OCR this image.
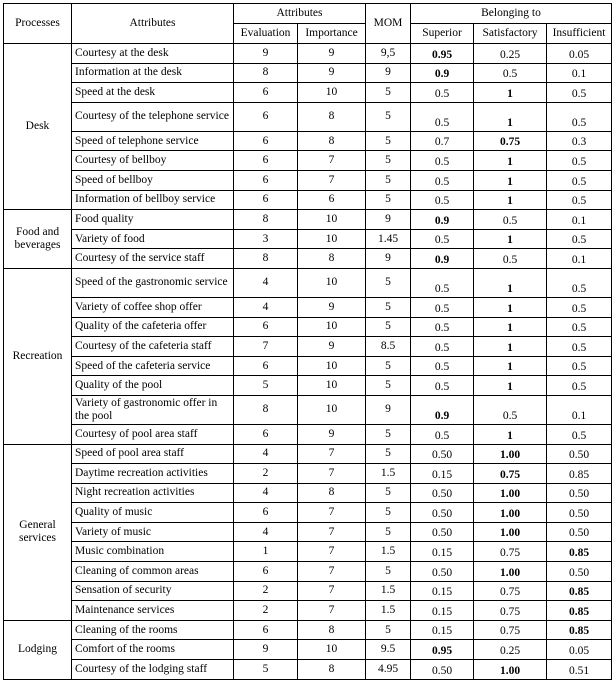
Processes	Attributes	Attributes		MOM	Belonging to		
		Evaluation	Importance		Superior	Satisfactory	Insufficient
Desk	Courtesy at the desk	9	9	9,5	0.95	0.25	0.05
	Information at the desk	8	9	9	0.9	0.5	0.1
	Speed at the desk	6	10	5	0.5	1	0.5
	Courtesy of the telephone service	6	8	5	0.5	1	0.5
	Speed of telephone service	6	8	5	0.7	0.75	0.3
	Courtesy of bellboy	6	7	5	0.5	1	0.5
	Speed of bellboy	6	7	5	0.5	1	0.5
	Information of bellboy service	6	6	5	0.5	1	0.5
Food and beverages	Food quality	8	10	9	0.9	0.5	0.1
	Variety of food	3	10	1.45	0.5	1	0.5
	Courtesy of the service staff	8	8	9	0.9	0.5	0.1
Recreation	Speed of the gastronomic service	4	10	5	0.5	1	0.5
	Variety of coffee shop offer	4	9	5	0.5	1	0.5
	Quality of the cafeteria offer	6	10	5	0.5	1	0.5
	Courtesy of the cafeteria staff	7	9	8.5	0.5	1	0.5
	Speed of the cafeteria service	6	10	5	0.5	1	0.5
	Quality of the pool	5	10	5	0.5	1	0.5
	Variety of gastronomic offer in the pool	8	10	9	0.9	0.5	0.1
	Courtesy of pool area staff	6	9	5	0.5	1	0.5
General services	Speed of pool area staff	4	7	5	0.50	1.00	0.50
	Daytime recreation activities	2	7	1.5	0.15	0.75	0.85
	Night recreation activities	4	8	5	0.50	1.00	0.50
	Quality of music	6	7	5	0.50	1.00	0.50
	Variety of music	4	7	5	0.50	1.00	0.50
	Music combination	1	7	1.5	0.15	0.75	0.85
	Cleaning of common areas	6	7	5	0.50	1.00	0.50
	Sensation of security	2	7	1.5	0.15	0.75	0.85
	Maintenance services	2	7	1.5	0.15	0.75	0.85
Lodging	Cleaning of the rooms	6	8	5	0.15	0.75	0.85
	Comfort of the rooms	9	10	9.5	0.95	0.25	0.05
	Courtesy of the lodging staff	5	8	4.95	0.50	1.00	0.51
